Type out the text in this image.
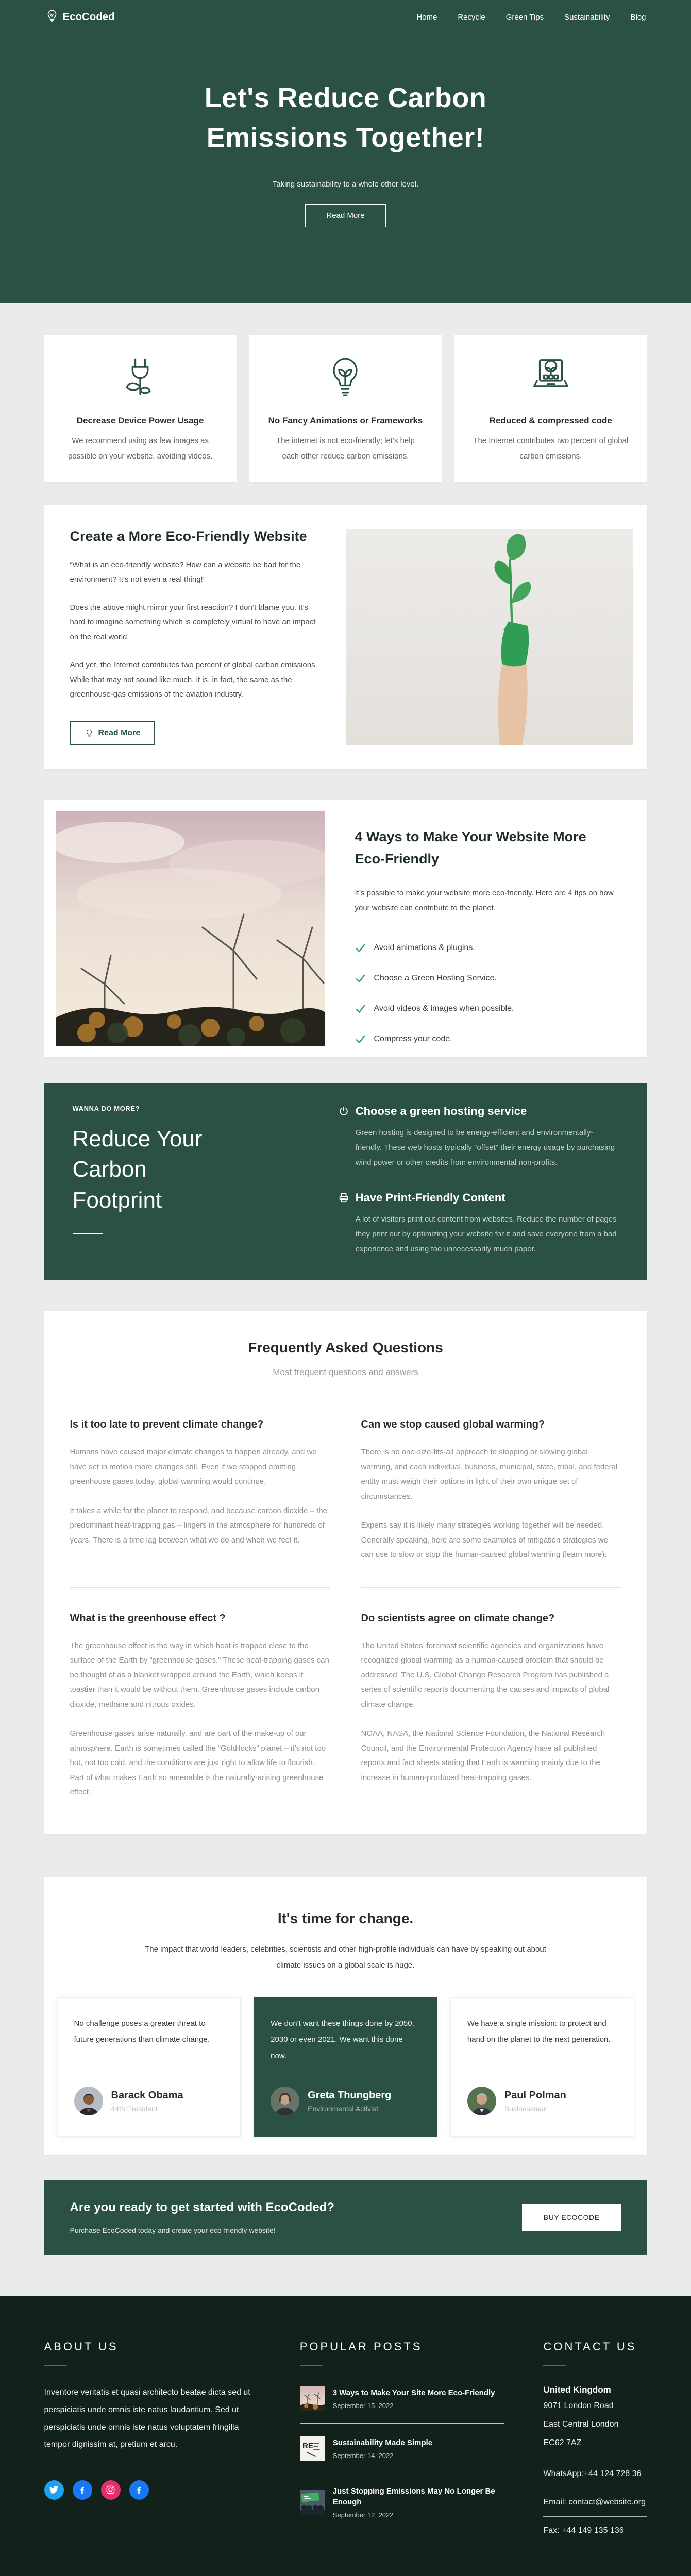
EcoCoded	Home	Recycle	Green Tips	Sustainability	Blog
Let's Reduce Carbon
Emissions Together!
Taking sustainability to a whole other level.
Read More
Decrease Device Power Usage
We recommend using as few images as possible on your website, avoiding videos.
No Fancy Animations or Frameworks
The internet is not eco-friendly; let's help each other reduce carbon emissions.
Reduced & compressed code
The Internet contributes two percent of global carbon emissions.
Create a More Eco-Friendly Website

“What is an eco-friendly website? How can a website be bad for the environment? It’s not even a real thing!”

Does the above might mirror your first reaction? I don’t blame you. It’s hard to imagine something which is completely virtual to have an impact on the real world.

And yet, the Internet contributes two percent of global carbon emissions. While that may not sound like much, it is, in fact, the same as the greenhouse-gas emissions of the aviation industry.

Read More
4 Ways to Make Your Website More Eco-Friendly

It’s possible to make your website more eco-friendly. Here are 4 tips on how your website can contribute to the planet.

Avoid animations & plugins.
Choose a Green Hosting Service.
Avoid videos & images when possible.
Compress your code.
WANNA DO MORE?
Reduce Your
Carbon
Footprint
Choose a green hosting service

Green hosting is designed to be energy-efficient and environmentally-friendly. These web hosts typically "offset" their energy usage by purchasing wind power or other credits from environmental non-profits.

Have Print-Friendly Content

A lot of visitors print out content from websites. Reduce the number of pages they print out by optimizing your website for it and save everyone from a bad experience and using too unnecessarily much paper.

Frequently Asked Questions
Most frequent questions and answers
Is it too late to prevent climate change?

Humans have caused major climate changes to happen already, and we have set in motion more changes still. Even if we stopped emitting greenhouse gases today, global warming would continue.

It takes a while for the planet to respond, and because carbon dioxide – the predominant heat-trapping gas – lingers in the atmosphere for hundreds of years. There is a time lag between what we do and when we feel it.

Can we stop caused global warming?

There is no one-size-fits-all approach to stopping or slowing global warming, and each individual, business, municipal, state, tribal, and federal entity must weigh their options in light of their own unique set of circumstances.

Experts say it is likely many strategies working together will be needed. Generally speaking, here are some examples of mitigation strategies we can use to slow or stop the human-caused global warming (learn more):

What is the greenhouse effect ?

The greenhouse effect is the way in which heat is trapped close to the surface of the Earth by “greenhouse gases.” These heat-trapping gases can be thought of as a blanket wrapped around the Earth, which keeps it toastier than it would be without them. Greenhouse gases include carbon dioxide, methane and nitrous oxides.

Greenhouse gases arise naturally, and are part of the make-up of our atmosphere. Earth is sometimes called the “Goldilocks” planet – it’s not too hot, not too cold, and the conditions are just right to allow life to flourish. Part of what makes Earth so amenable is the naturally-arising greenhouse effect.

Do scientists agree on climate change?

The United States’ foremost scientific agencies and organizations have recognized global warming as a human-caused problem that should be addressed. The U.S. Global Change Research Program has published a series of scientific reports documenting the causes and impacts of global climate change.

NOAA, NASA, the National Science Foundation, the National Research Council, and the Environmental Protection Agency have all published reports and fact sheets stating that Earth is warming mainly due to the increase in human-produced heat-trapping gases.

It's time for change.

The impact that world leaders, celebrities, scientists and other high-profile individuals can have by speaking out about climate issues on a global scale is huge.

No challenge poses a greater threat to future generations than climate change.
Barack Obama
44th President
We don't want these things done by 2050, 2030 or even 2021. We want this done now.
Greta Thungberg
Environmental Activist
We have a single mission: to protect and hand on the planet to the next generation.
Paul Polman
Businessman
Are you ready to get started with EcoCoded?

Purchase EcoCoded today and create your eco-friendly website!

BUY ECOCODE
ABOUT US

Inventore veritatis et quasi architecto beatae dicta sed ut perspiciatis unde omnis iste natus laudantium. Sed ut perspiciatis unde omnis iste natus voluptatem fringilla tempor dignissim at, pretium et arcu.

POPULAR POSTS
3 Ways to Make Your Site More Eco-Friendly
September 15, 2022
RE	Sustainability Made Simple
September 14, 2022
Just Stopping Emissions May No Longer Be Enough
September 12, 2022
CONTACT US
United Kingdom
9071 London Road
East Central London
EC62 7AZ
WhatsApp:+44 124 728 36
Email: contact@website.org
Fax: +44 149 135 136
